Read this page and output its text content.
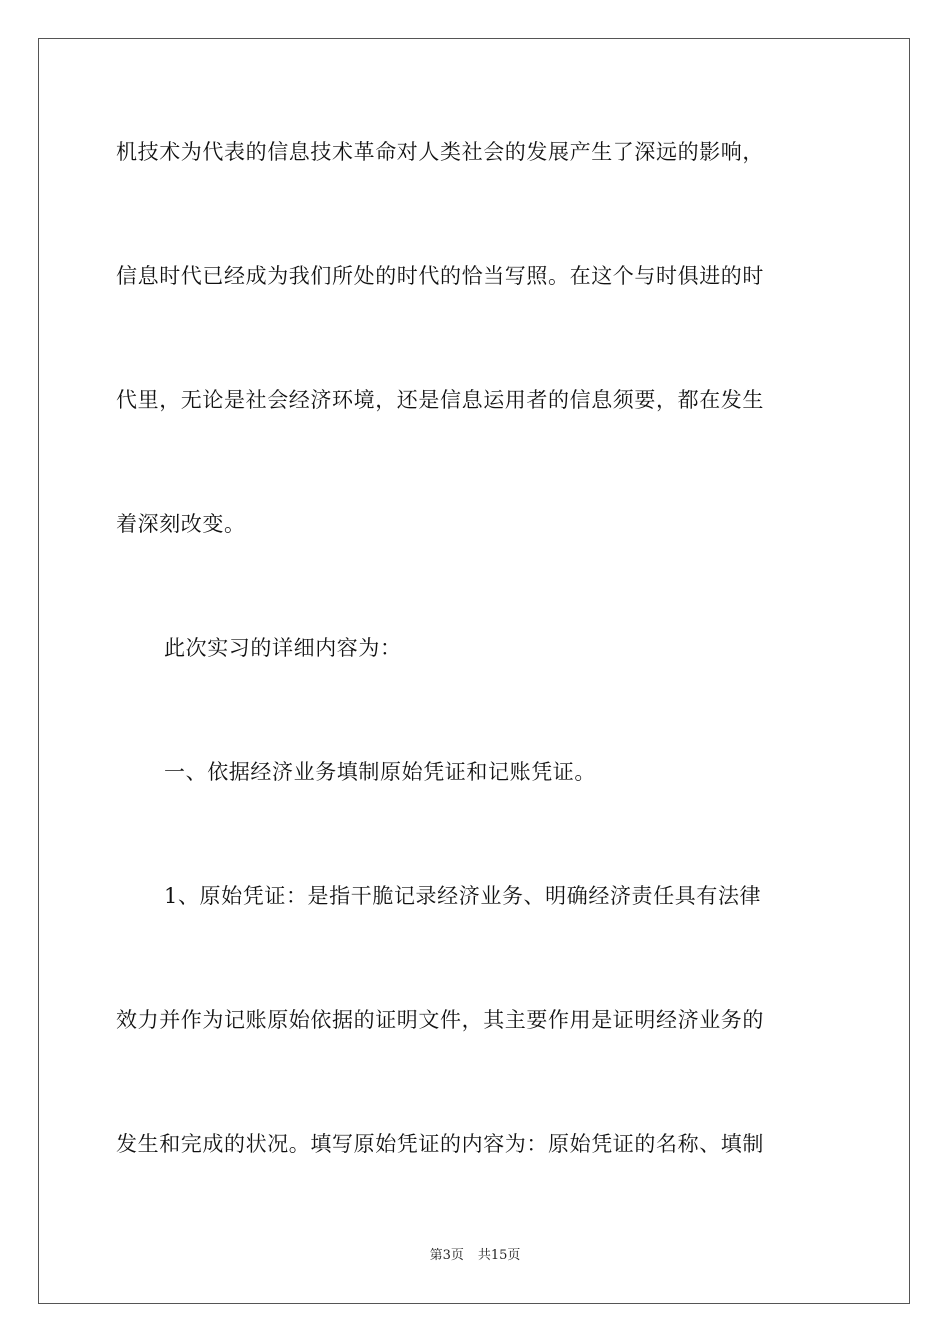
机技术为代表的信息技术革命对人类社会的发展产生了深远的影响，
信息时代已经成为我们所处的时代的恰当写照。在这个与时俱进的时
代里，无论是社会经济环境，还是信息运用者的信息须要，都在发生
着深刻改变。
此次实习的详细内容为：
一、依据经济业务填制原始凭证和记账凭证。
1、原始凭证：是指干脆记录经济业务、明确经济责任具有法律
效力并作为记账原始依据的证明文件，其主要作用是证明经济业务的
发生和完成的状况。填写原始凭证的内容为：原始凭证的名称、填制
第3页 共15页
